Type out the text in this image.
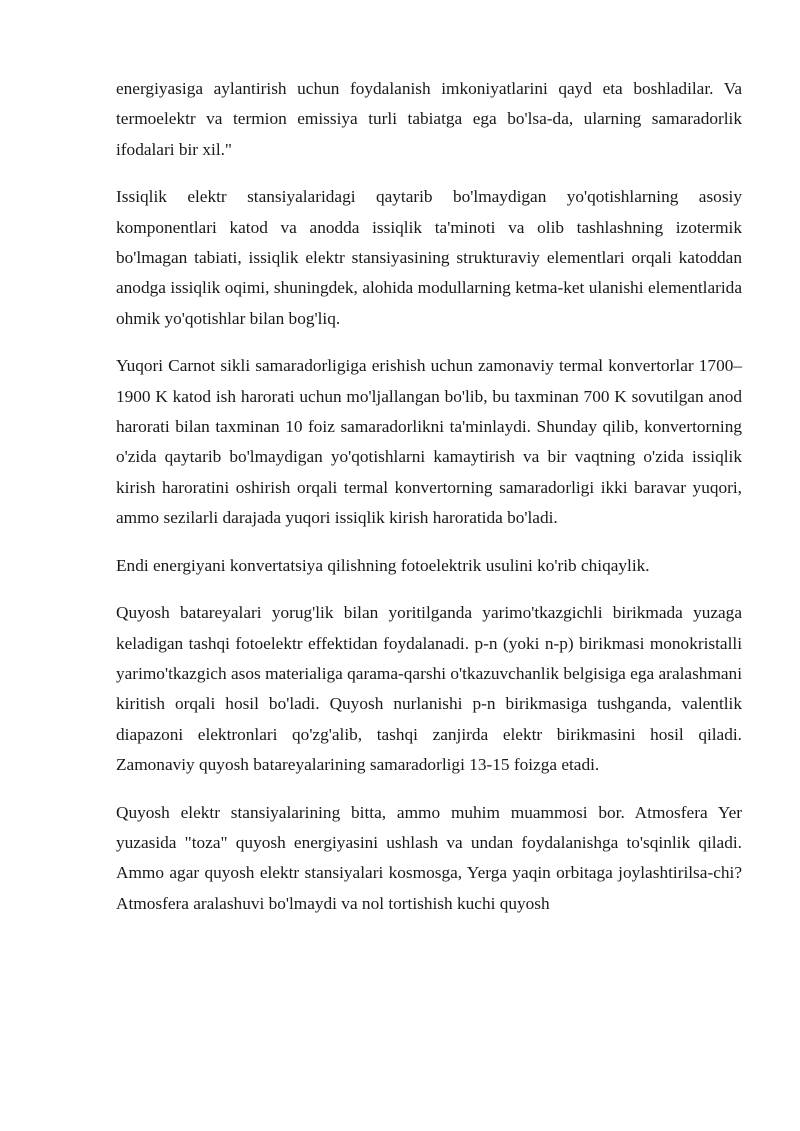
energiyasiga aylantirish uchun foydalanish imkoniyatlarini qayd eta boshladilar. Va termoelektr va termion emissiya turli tabiatga ega bo'lsa-da, ularning samaradorlik ifodalari bir xil."

Issiqlik elektr stansiyalaridagi qaytarib bo'lmaydigan yo'qotishlarning asosiy komponentlari katod va anodda issiqlik ta'minoti va olib tashlashning izotermik bo'lmagan tabiati, issiqlik elektr stansiyasining strukturaviy elementlari orqali katoddan anodga issiqlik oqimi, shuningdek, alohida modullarning ketma-ket ulanishi elementlarida ohmik yo'qotishlar bilan bog'liq.

Yuqori Carnot sikli samaradorligiga erishish uchun zamonaviy termal konvertorlar 1700–1900 K katod ish harorati uchun mo'ljallangan bo'lib, bu taxminan 700 K sovutilgan anod harorati bilan taxminan 10 foiz samaradorlikni ta'minlaydi. Shunday qilib, konvertorning o'zida qaytarib bo'lmaydigan yo'qotishlarni kamaytirish va bir vaqtning o'zida issiqlik kirish haroratini oshirish orqali termal konvertorning samaradorligi ikki baravar yuqori, ammo sezilarli darajada yuqori issiqlik kirish haroratida bo'ladi.

Endi energiyani konvertatsiya qilishning fotoelektrik usulini ko'rib chiqaylik.

Quyosh batareyalari yorug'lik bilan yoritilganda yarimo'tkazgichli birikmada yuzaga keladigan tashqi fotoelektr effektidan foydalanadi. p-n (yoki n-p) birikmasi monokristalli yarimo'tkazgich asos materialiga qarama-qarshi o'tkazuvchanlik belgisiga ega aralashmani kiritish orqali hosil bo'ladi. Quyosh nurlanishi p-n birikmasiga tushganda, valentlik diapazoni elektronlari qo'zg'alib, tashqi zanjirda elektr birikmasini hosil qiladi. Zamonaviy quyosh batareyalarining samaradorligi 13-15 foizga etadi.

Quyosh elektr stansiyalarining bitta, ammo muhim muammosi bor. Atmosfera Yer yuzasida "toza" quyosh energiyasini ushlash va undan foydalanishga to'sqinlik qiladi. Ammo agar quyosh elektr stansiyalari kosmosga, Yerga yaqin orbitaga joylashtirilsa-chi? Atmosfera aralashuvi bo'lmaydi va nol tortishish kuchi quyosh
